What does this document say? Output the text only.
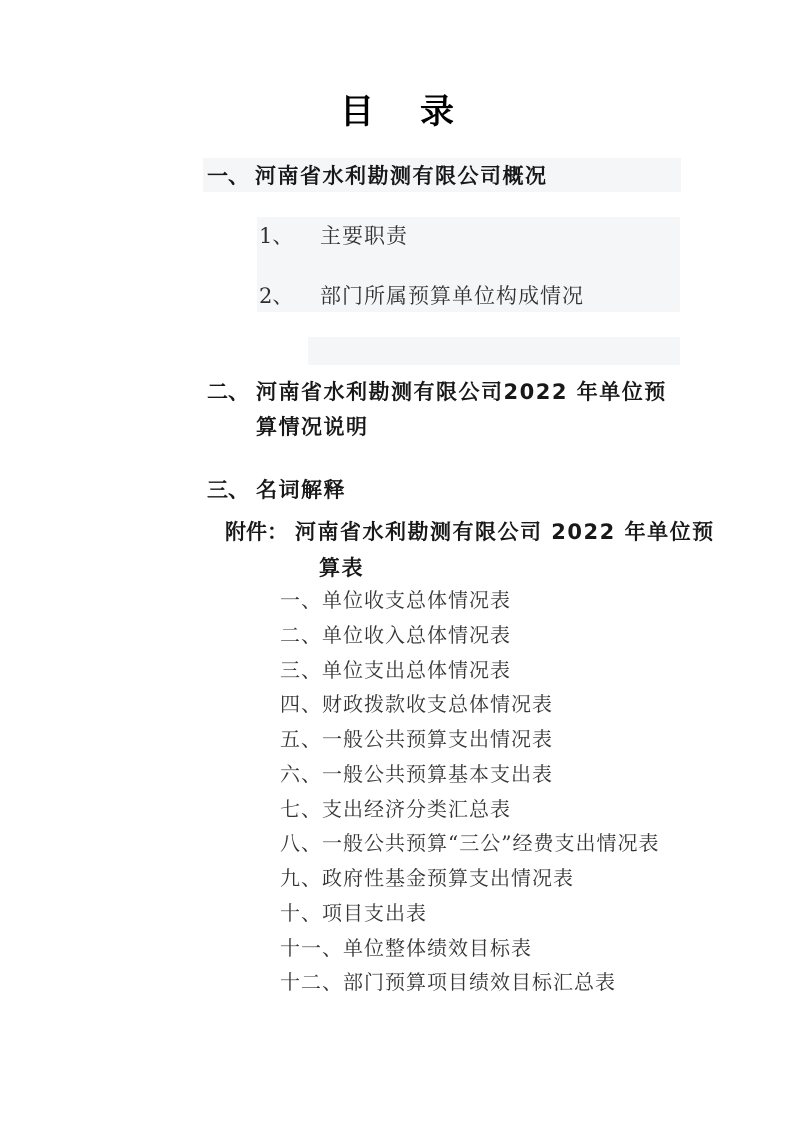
目　录
一、 河南省水利勘测有限公司概况
1、	主要职责
2、	部门所属预算单位构成情况
二、 河南省水利勘测有限公司2022 年单位预
算情况说明
三、 名词解释
附件： 河南省水利勘测有限公司 2022 年单位预
算表
一、单位收支总体情况表
二、单位收入总体情况表
三、单位支出总体情况表
四、财政拨款收支总体情况表
五、一般公共预算支出情况表
六、一般公共预算基本支出表
七、支出经济分类汇总表
八、一般公共预算“三公”经费支出情况表
九、政府性基金预算支出情况表
十、项目支出表
十一、单位整体绩效目标表
十二、部门预算项目绩效目标汇总表
